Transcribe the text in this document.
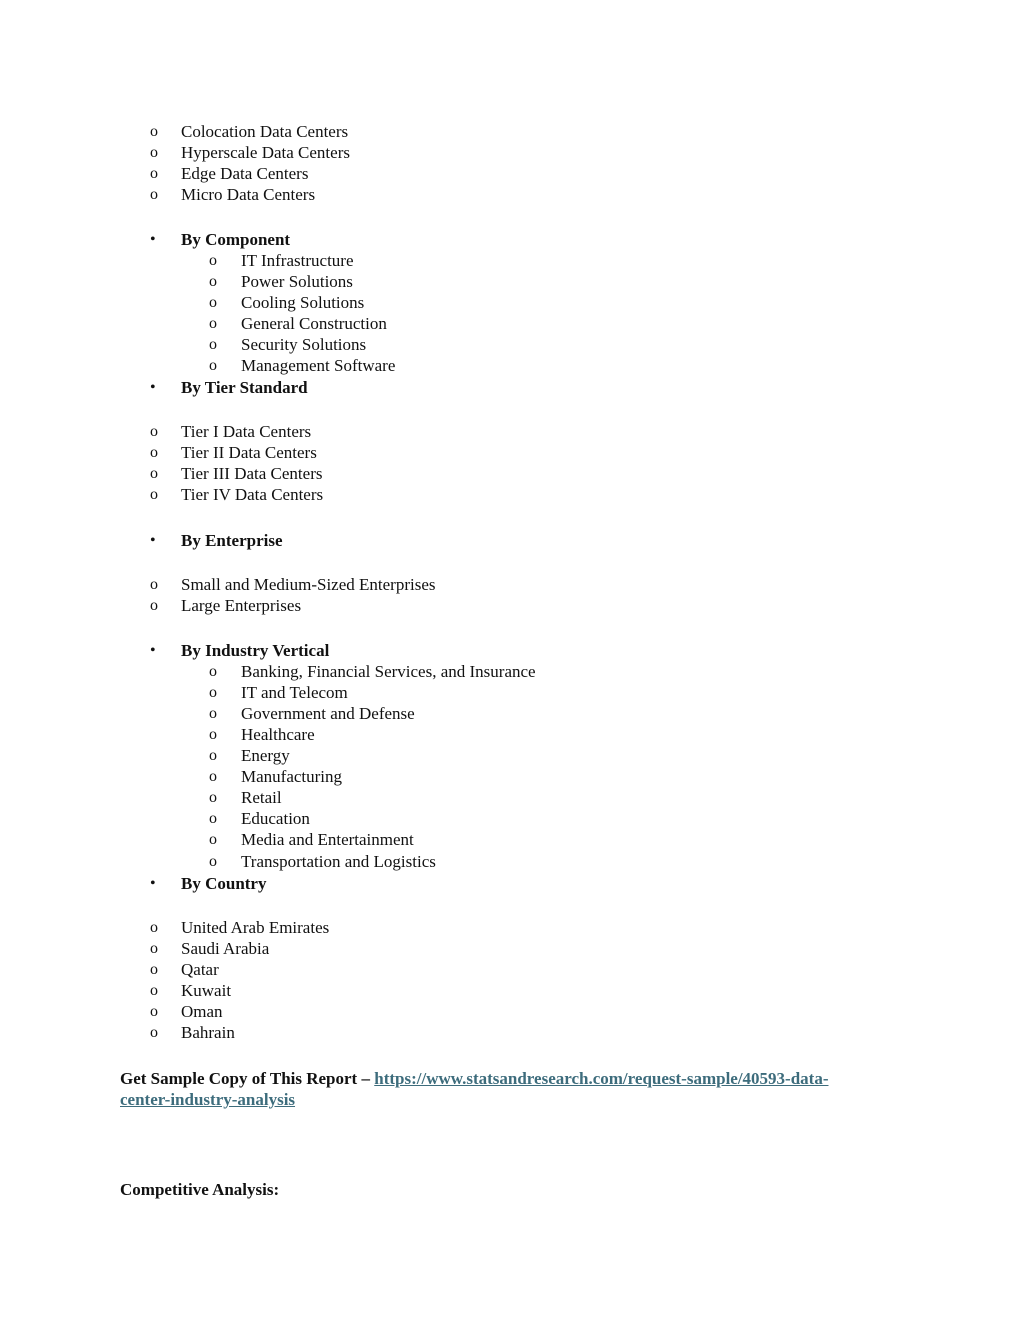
o Colocation Data Centers
o Hyperscale Data Centers
o Edge Data Centers
o Micro Data Centers
• By Component
o IT Infrastructure
o Power Solutions
o Cooling Solutions
o General Construction
o Security Solutions
o Management Software
• By Tier Standard
o Tier I Data Centers
o Tier II Data Centers
o Tier III Data Centers
o Tier IV Data Centers
• By Enterprise
o Small and Medium-Sized Enterprises
o Large Enterprises
• By Industry Vertical
o Banking, Financial Services, and Insurance
o IT and Telecom
o Government and Defense
o Healthcare
o Energy
o Manufacturing
o Retail
o Education
o Media and Entertainment
o Transportation and Logistics
• By Country
o United Arab Emirates
o Saudi Arabia
o Qatar
o Kuwait
o Oman
o Bahrain
Get Sample Copy of This Report – https://www.statsandresearch.com/request-sample/40593-data-
center-industry-analysis
Competitive Analysis:
